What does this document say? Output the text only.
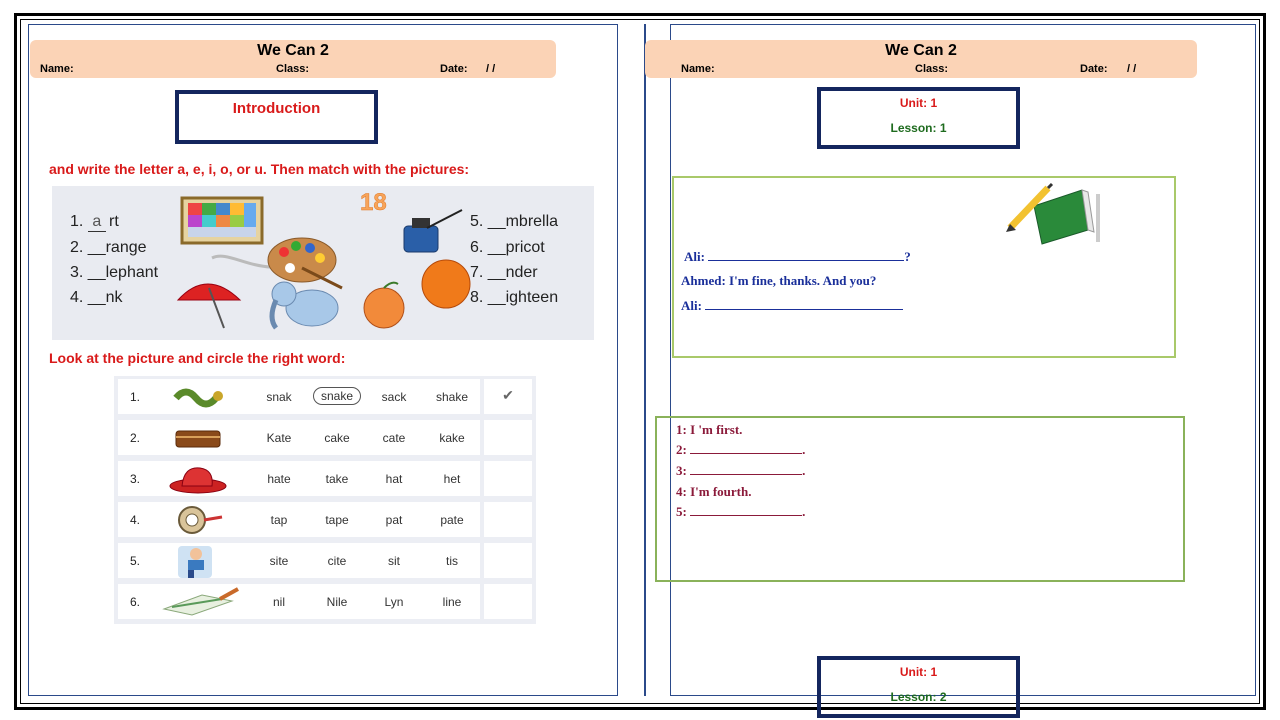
We Can 2
Name:	Class:	Date: / /
Introduction
and write the letter a, e, i, o, or u. Then match with the pictures:
1. a rt
2. __range
3. __lephant
4. __nk
5. __mbrella
6. __pricot
7. __nder
8. __ighteen
18
Look at the picture and circle the right word:
1.	snak	snake	sack	shake	✔
2.	Kate	cake	cate	kake
3.	hate	take	hat	het
4.	tap	tape	pat	pate
5.	site	cite	sit	tis
6.	nil	Nile	Lyn	line
We Can 2
Name:	Class:	Date: / /
Unit: 1
Lesson: 1
Ali:	?
Ahmed: I'm fine, thanks. And you?
Ali:
1: I 'm first.
2:	.
3:	.
4: I'm fourth.
5:	.
Unit: 1
Lesson: 2
